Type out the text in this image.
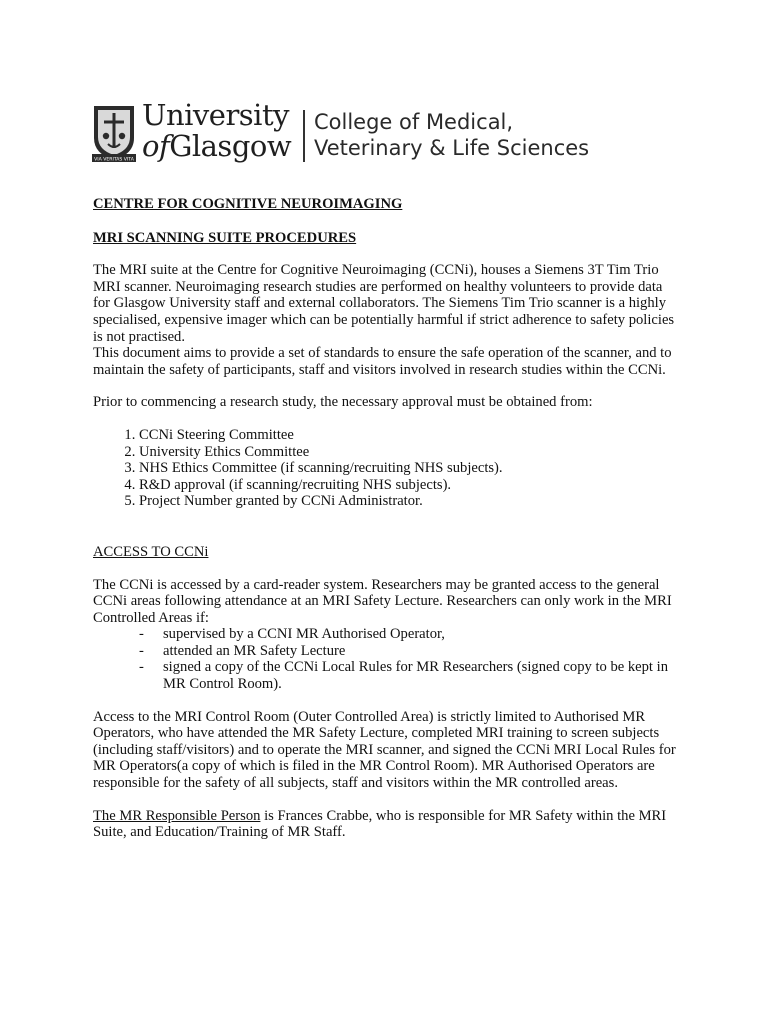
VIA VERITAS VITA
University
ofGlasgow
College of Medical,
Veterinary & Life Sciences
CENTRE FOR COGNITIVE NEUROIMAGING
MRI SCANNING SUITE PROCEDURES

The MRI suite at the Centre for Cognitive Neuroimaging (CCNi), houses a Siemens 3T Tim Trio MRI scanner. Neuroimaging research studies are performed on healthy volunteers to provide data for Glasgow University staff and external collaborators. The Siemens Tim Trio scanner is a highly specialised, expensive imager which can be potentially harmful if strict adherence to safety policies is not practised.

This document aims to provide a set of standards to ensure the safe operation of the scanner, and to maintain the safety of participants, staff and visitors involved in research studies within the CCNi.

Prior to commencing a research study, the necessary approval must be obtained from:

1. CCNi Steering Committee
2. University Ethics Committee
3. NHS Ethics Committee (if scanning/recruiting NHS subjects).
4. R&D approval (if scanning/recruiting NHS subjects).
5. Project Number granted by CCNi Administrator.
ACCESS TO CCNi

The CCNi is accessed by a card-reader system. Researchers may be granted access to the general CCNi areas following attendance at an MRI Safety Lecture. Researchers can only work in the MRI Controlled Areas if:

- supervised by a CCNI MR Authorised Operator,
- attended an MR Safety Lecture
- signed a copy of the CCNi Local Rules for MR Researchers (signed copy to be kept in MR Control Room).

Access to the MRI Control Room (Outer Controlled Area) is strictly limited to Authorised MR Operators, who have attended the MR Safety Lecture, completed MRI training to screen subjects (including staff/visitors) and to operate the MRI scanner, and signed the CCNi MRI Local Rules for MR Operators(a copy of which is filed in the MR Control Room). MR Authorised Operators are responsible for the safety of all subjects, staff and visitors within the MR controlled areas.

The MR Responsible Person is Frances Crabbe, who is responsible for MR Safety within the MRI Suite, and Education/Training of MR Staff.
